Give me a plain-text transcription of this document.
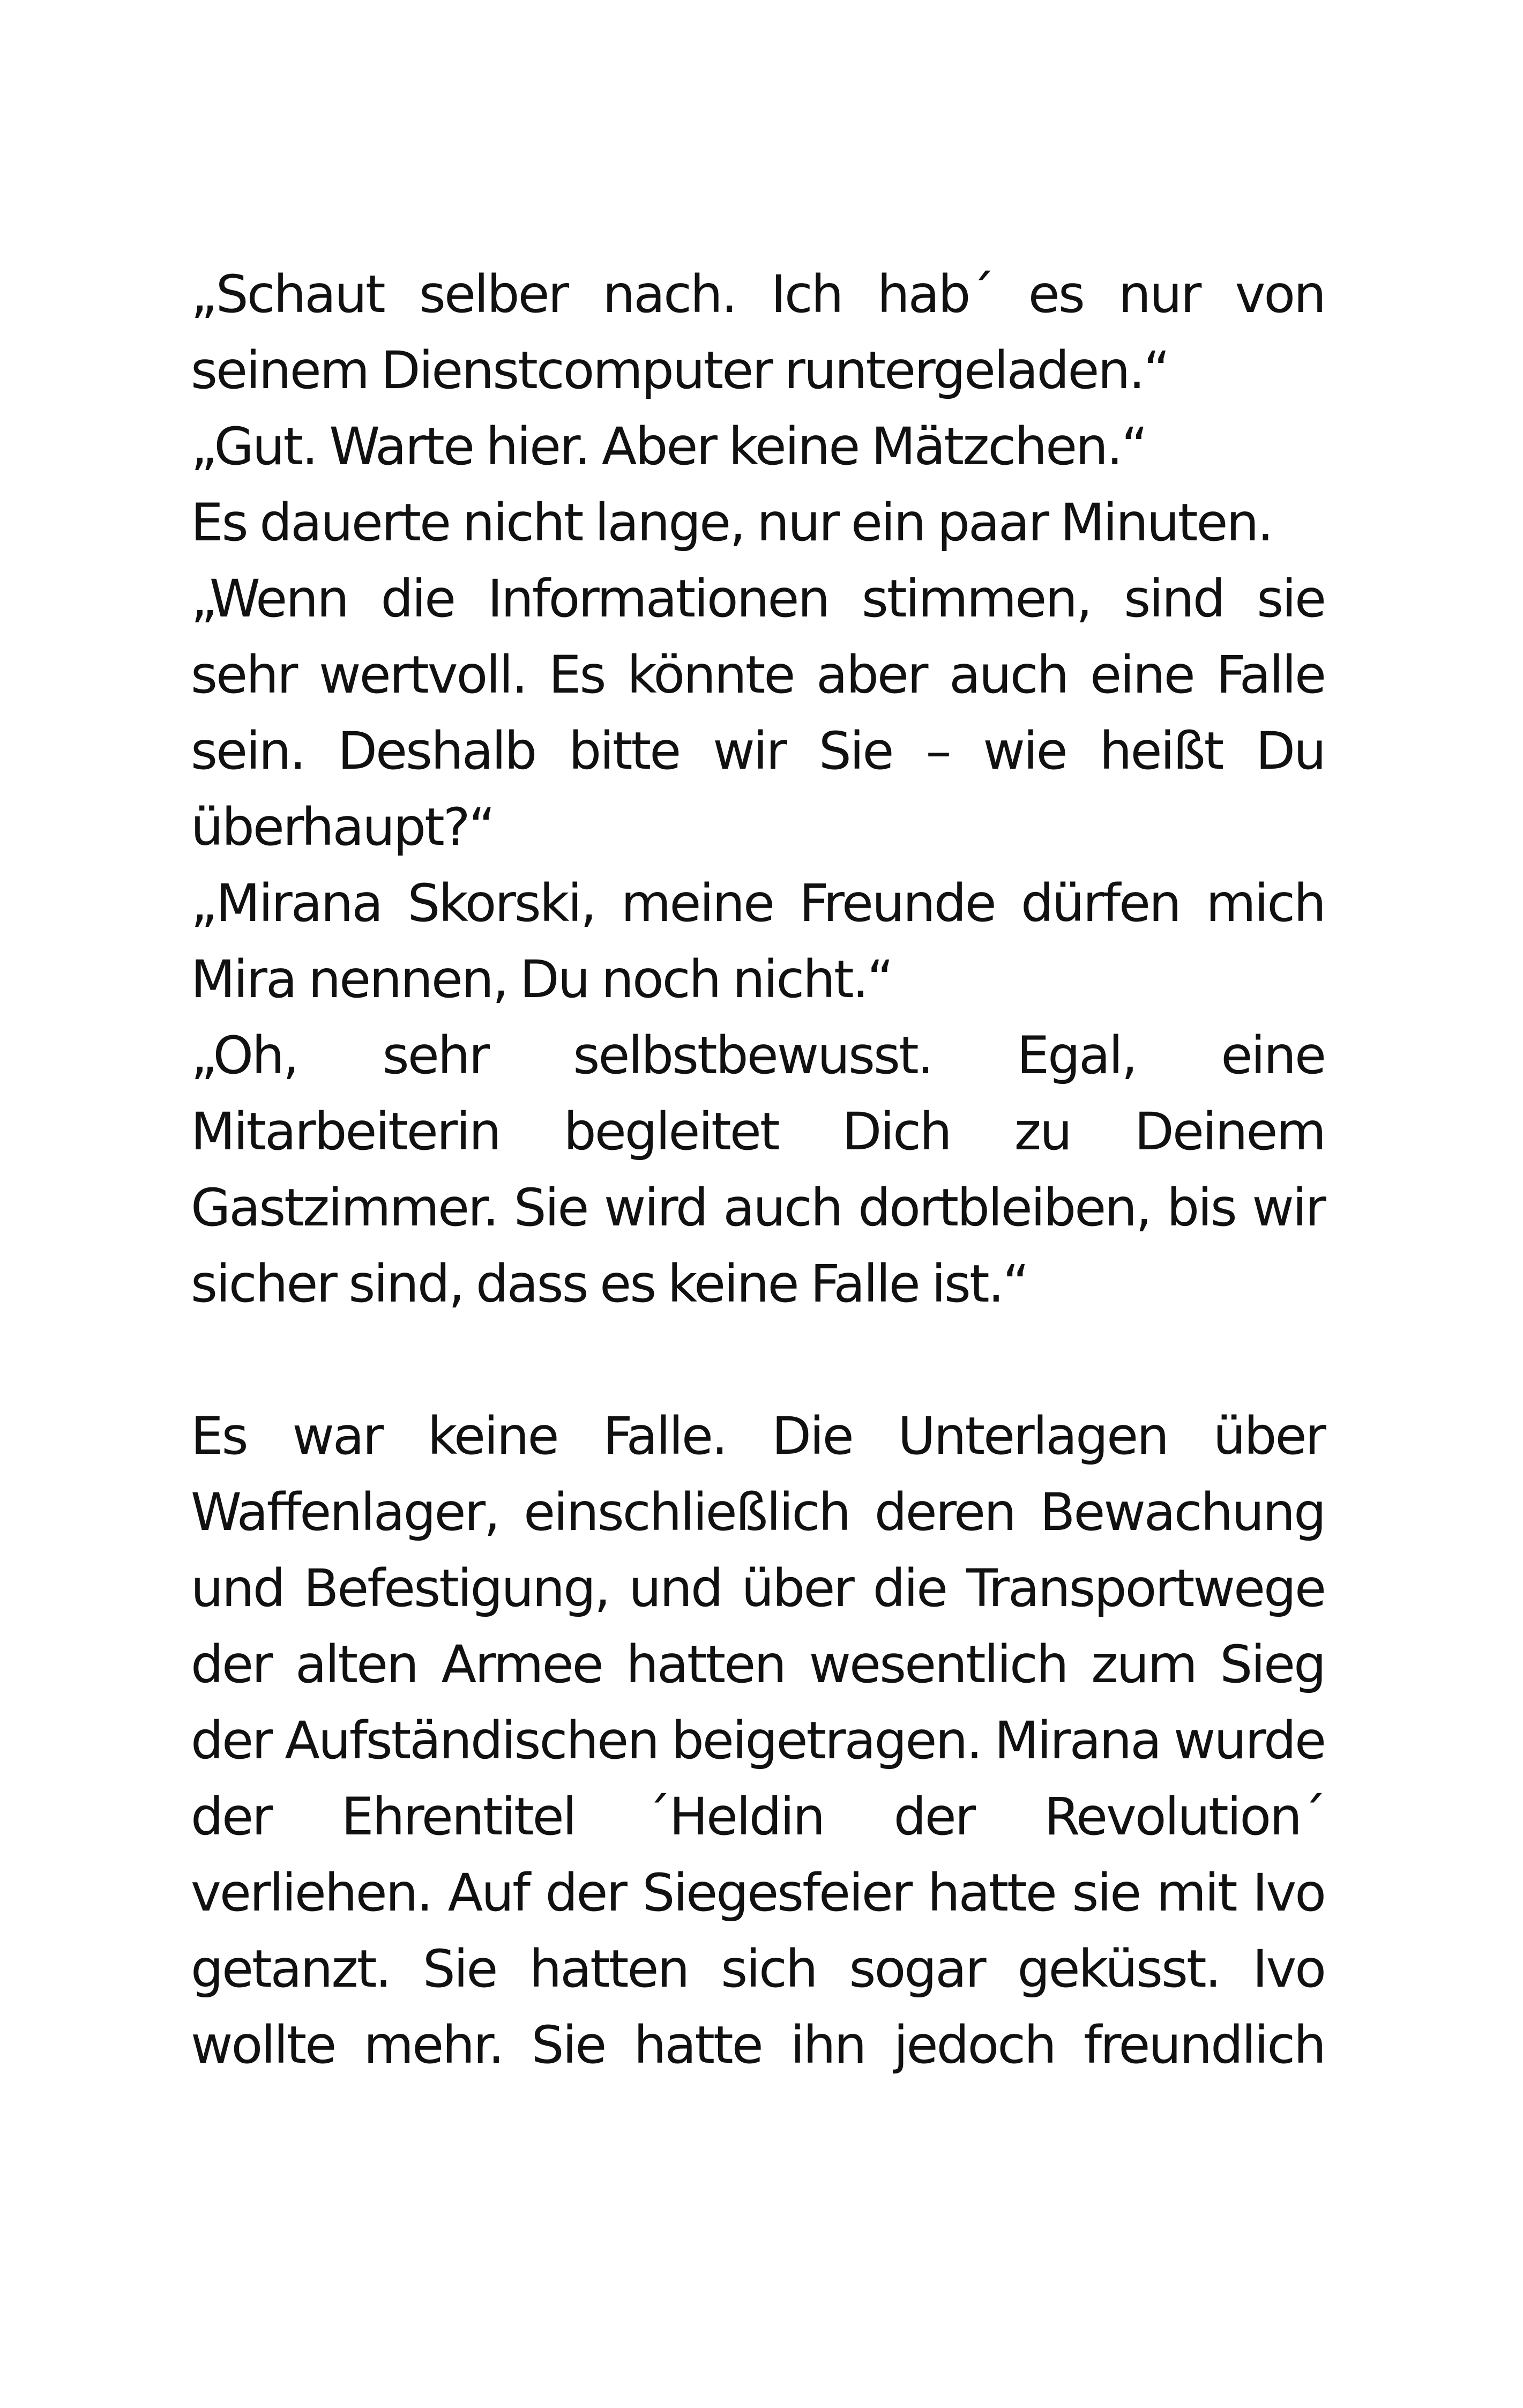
„Schaut selber nach. Ich hab´ es nur von seinem Dienstcomputer runtergeladen.“

„Gut. Warte hier. Aber keine Mätzchen.“

Es dauerte nicht lange, nur ein paar Minuten.

„Wenn die Informationen stimmen, sind sie sehr wertvoll. Es könnte aber auch eine Falle sein. Deshalb bitte wir Sie – wie heißt Du überhaupt?“

„Mirana Skorski, meine Freunde dürfen mich Mira nennen, Du noch nicht.“

„Oh, sehr selbstbewusst. Egal, eine Mitarbeiterin begleitet Dich zu Deinem Gastzimmer. Sie wird auch dortbleiben, bis wir sicher sind, dass es keine Falle ist.“

Es war keine Falle. Die Unterlagen über Waffenlager, einschließlich deren Bewachung und Befestigung, und über die Transportwege der alten Armee hatten wesentlich zum Sieg der Aufständischen beigetragen. Mirana wurde der Ehrentitel ´Heldin der Revolution´ verliehen. Auf der Siegesfeier hatte sie mit Ivo getanzt. Sie hatten sich sogar geküsst. Ivo wollte mehr. Sie hatte ihn jedoch freundlich
